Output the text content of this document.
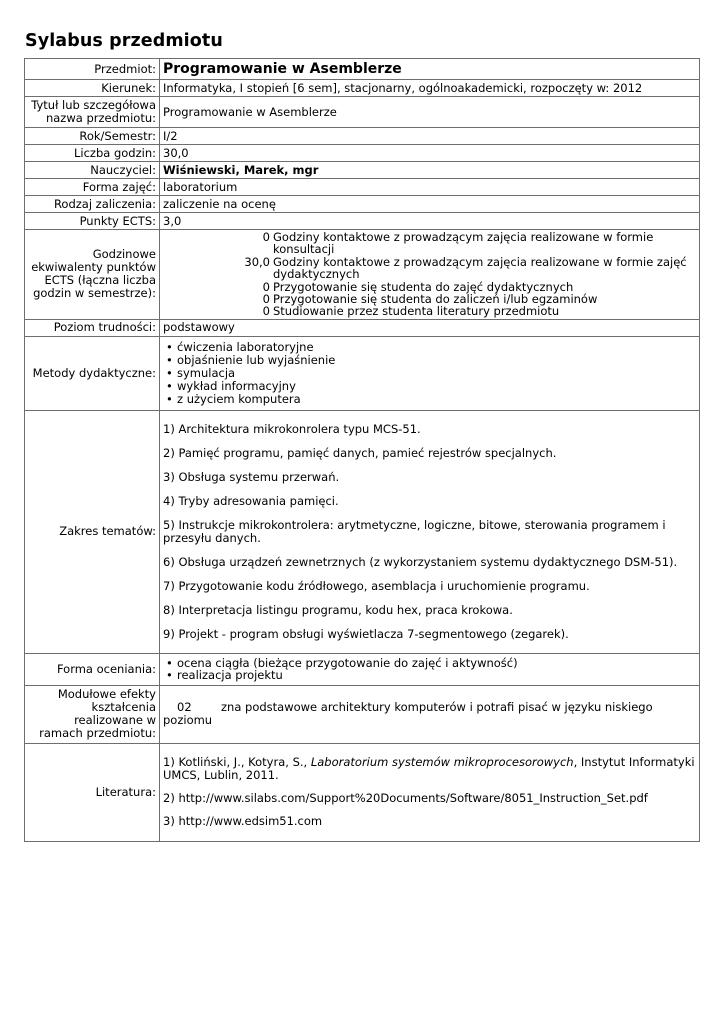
Sylabus przedmiotu
Przedmiot:	Programowanie w Asemblerze
Kierunek:	Informatyka, I stopień [6 sem], stacjonarny, ogólnoakademicki, rozpoczęty w: 2012
Tytuł lub szczegółowa nazwa przedmiotu:	Programowanie w Asemblerze
Rok/Semestr:	I/2
Liczba godzin:	30,0
Nauczyciel:	Wiśniewski, Marek, mgr
Forma zajęć:	laboratorium
Rodzaj zaliczenia:	zaliczenie na ocenę
Punkty ECTS:	3,0
Godzinowe ekwiwalenty punktów ECTS (łączna liczba godzin w semestrze):	
0	Godziny kontaktowe z prowadzącym zajęcia realizowane w formie konsultacji
30,0	Godziny kontaktowe z prowadzącym zajęcia realizowane w formie zajęć dydaktycznych
0	Przygotowanie się studenta do zajęć dydaktycznych
0	Przygotowanie się studenta do zaliczeń i/lub egzaminów
0	Studiowanie przez studenta literatury przedmiotu

Poziom trudności:	podstawowy
Metody dydaktyczne:	
• ćwiczenia laboratoryjne
• objaśnienie lub wyjaśnienie
• symulacja
• wykład informacyjny
• z użyciem komputera

Zakres tematów:	

1) Architektura mikrokonrolera typu MCS-51.

2) Pamięć programu, pamięć danych, pamieć rejestrów specjalnych.

3) Obsługa systemu przerwań.

4) Tryby adresowania pamięci.

5) Instrukcje mikrokontrolera: arytmetyczne, logiczne, bitowe, sterowania programem i przesyłu danych.

6) Obsługa urządzeń zewnetrznych (z wykorzystaniem systemu dydaktycznego DSM-51).

7) Przygotowanie kodu źródłowego, asemblacja i uruchomienie programu.

8) Interpretacja listingu programu, kodu hex, praca krokowa.

9) Projekt - program obsługi wyświetlacza 7-segmentowego (zegarek).

Forma oceniania:	
•ocena ciągła (bieżące przygotowanie do zajęć i aktywność)
• realizacja projektu

Modułowe efekty kształcenia realizowane w ramach przedmiotu:	02	zna podstawowe architektury komputerów i potrafi pisać w języku niskiego poziomu
Literatura:	

1) Kotliński, J., Kotyra, S., Laboratorium systemów mikroprocesorowych, Instytut Informatyki UMCS, Lublin, 2011.

2) http://www.silabs.com/Support%20Documents/Software/8051_Instruction_Set.pdf

3) http://www.edsim51.com
